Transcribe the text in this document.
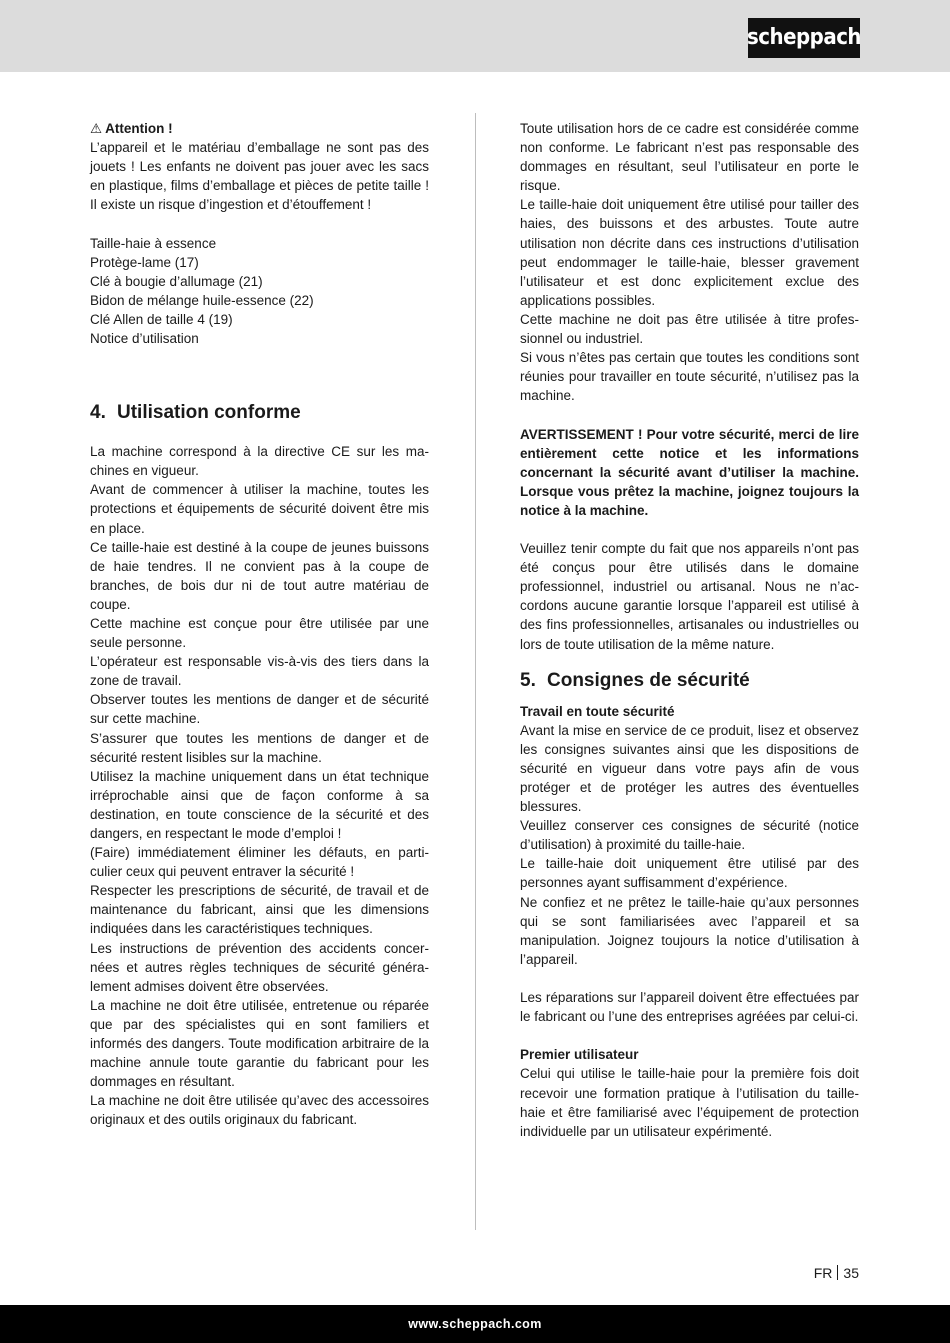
scheppach

⚠ Attention !

L’appareil et le matériau d’emballage ne sont pas des jouets ! Les enfants ne doivent pas jouer avec les sacs en plastique, films d’emballage et pièces de petite taille ! Il existe un risque d’ingestion et d’étouffement !

Taille-haie à essence

Protège-lame (17)

Clé à bougie d’allumage (21)

Bidon de mélange huile-essence (22)

Clé Allen de taille 4 (19)

Notice d’utilisation

4. Utilisation conforme

La machine correspond à la directive CE sur les machines en vigueur.

Avant de commencer à utiliser la machine, toutes les protections et équipements de sécurité doivent être mis en place.

Ce taille-haie est destiné à la coupe de jeunes buissons de haie tendres. Il ne convient pas à la coupe de branches, de bois dur ni de tout autre matériau de coupe.

Cette machine est conçue pour être utilisée par une seule personne.

L’opérateur est responsable vis-à-vis des tiers dans la zone de travail.

Observer toutes les mentions de danger et de sécurité sur cette machine.

S’assurer que toutes les mentions de danger et de sécurité restent lisibles sur la machine.

Utilisez la machine uniquement dans un état technique irréprochable ainsi que de façon conforme à sa destination, en toute conscience de la sécurité et des dangers, en respectant le mode d’emploi !

(Faire) immédiatement éliminer les défauts, en particulier ceux qui peuvent entraver la sécurité !

Respecter les prescriptions de sécurité, de travail et de maintenance du fabricant, ainsi que les dimensions indiquées dans les caractéristiques techniques.

Les instructions de prévention des accidents concernées et autres règles techniques de sécurité généralement admises doivent être observées.

La machine ne doit être utilisée, entretenue ou réparée que par des spécialistes qui en sont familiers et informés des dangers. Toute modification arbitraire de la machine annule toute garantie du fabricant pour les dommages en résultant.

La machine ne doit être utilisée qu’avec des accessoires originaux et des outils originaux du fabricant.

Toute utilisation hors de ce cadre est considérée comme non conforme. Le fabricant n’est pas responsable des dommages en résultant, seul l’utilisateur en porte le risque.

Le taille-haie doit uniquement être utilisé pour tailler des haies, des buissons et des arbustes. Toute autre utilisation non décrite dans ces instructions d’utilisation peut endommager le taille-haie, blesser gravement l’utilisateur et est donc explicitement exclue des applications possibles.

Cette machine ne doit pas être utilisée à titre professionnel ou industriel.

Si vous n’êtes pas certain que toutes les conditions sont réunies pour travailler en toute sécurité, n’utilisez pas la machine.

AVERTISSEMENT ! Pour votre sécurité, merci de lire entièrement cette notice et les informations concernant la sécurité avant d’utiliser la machine. Lorsque vous prêtez la machine, joignez toujours la notice à la machine.

Veuillez tenir compte du fait que nos appareils n’ont pas été conçus pour être utilisés dans le domaine professionnel, industriel ou artisanal. Nous ne n’accordons aucune garantie lorsque l’appareil est utilisé à des fins professionnelles, artisanales ou industrielles ou lors de toute utilisation de la même nature.

5. Consignes de sécurité

Travail en toute sécurité

Avant la mise en service de ce produit, lisez et observez les consignes suivantes ainsi que les dispositions de sécurité en vigueur dans votre pays afin de vous protéger et de protéger les autres des éventuelles blessures.

Veuillez conserver ces consignes de sécurité (notice d’utilisation) à proximité du taille-haie.

Le taille-haie doit uniquement être utilisé par des personnes ayant suffisamment d’expérience.

Ne confiez et ne prêtez le taille-haie qu’aux personnes qui se sont familiarisées avec l’appareil et sa manipulation. Joignez toujours la notice d’utilisation à l’appareil.

Les réparations sur l’appareil doivent être effectuées par le fabricant ou l’une des entreprises agréées par celui-ci.

Premier utilisateur

Celui qui utilise le taille-haie pour la première fois doit recevoir une formation pratique à l’utilisation du taille-haie et être familiarisé avec l’équipement de protection individuelle par un utilisateur expérimenté.

FR 35
www.scheppach.com
